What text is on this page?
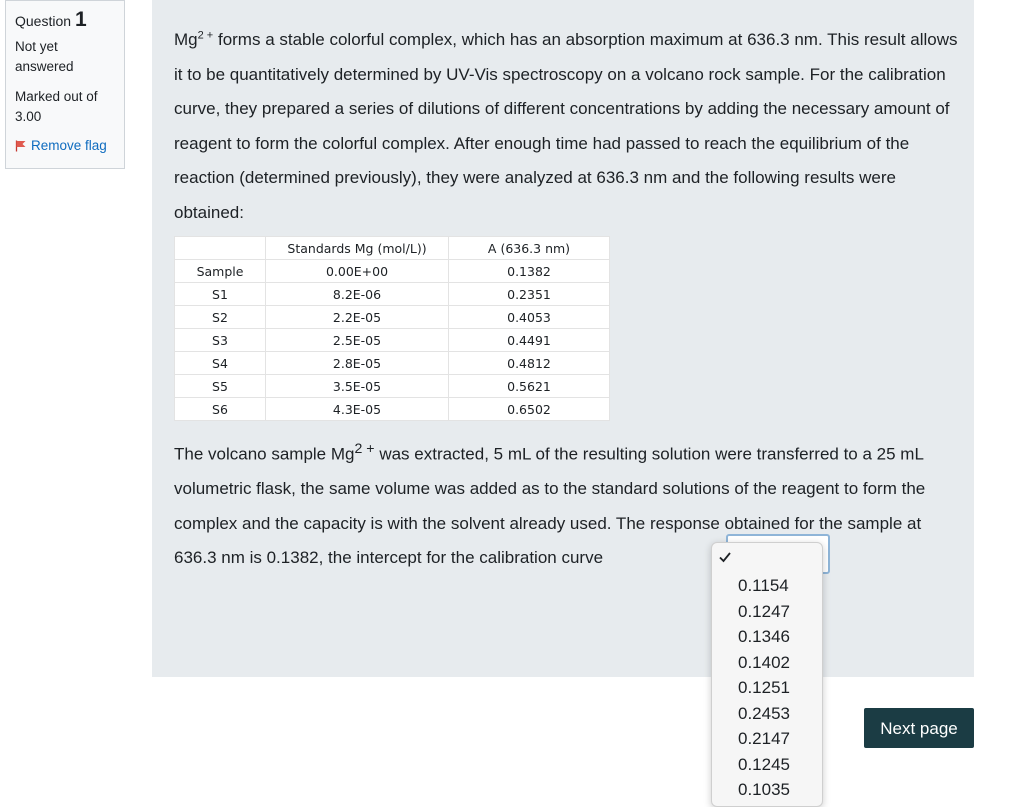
Question 1
Not yet answered
Marked out of 3.00
Remove flag
$Mg^{2 +}$ forms a stable colorful complex, which has an absorption maximum at 636.3 nm. This result allows it to be quantitatively determined by UV-Vis spectroscopy on a volcano rock sample. For the calibration curve, they prepared a series of dilutions of different concentrations by adding the necessary amount of reagent to form the colorful complex. After enough time had passed to reach the equilibrium of the reaction (determined previously), they were analyzed at 636.3 nm and the following results were obtained:
	Standards Mg (mol/L))	A (636.3 nm)
Sample	0.00E+00	0.1382
S1	8.2E-06	0.2351
S2	2.2E-05	0.4053
S3	2.5E-05	0.4491
S4	2.8E-05	0.4812
S5	3.5E-05	0.5621
S6	4.3E-05	0.6502
The volcano sample $Mg^{2 +}$ was extracted, 5 mL of the resulting solution were transferred to a 25 mL volumetric flask, the same volume was added as to the standard solutions of the reagent to form the complex and the capacity is with the solvent already used. The response obtained for the sample at 636.3 nm is 0.1382, the intercept for the calibration curve
0.1154
0.1247
0.1346
0.1402
0.1251
0.2453
0.2147
0.1245
0.1035
Next page
